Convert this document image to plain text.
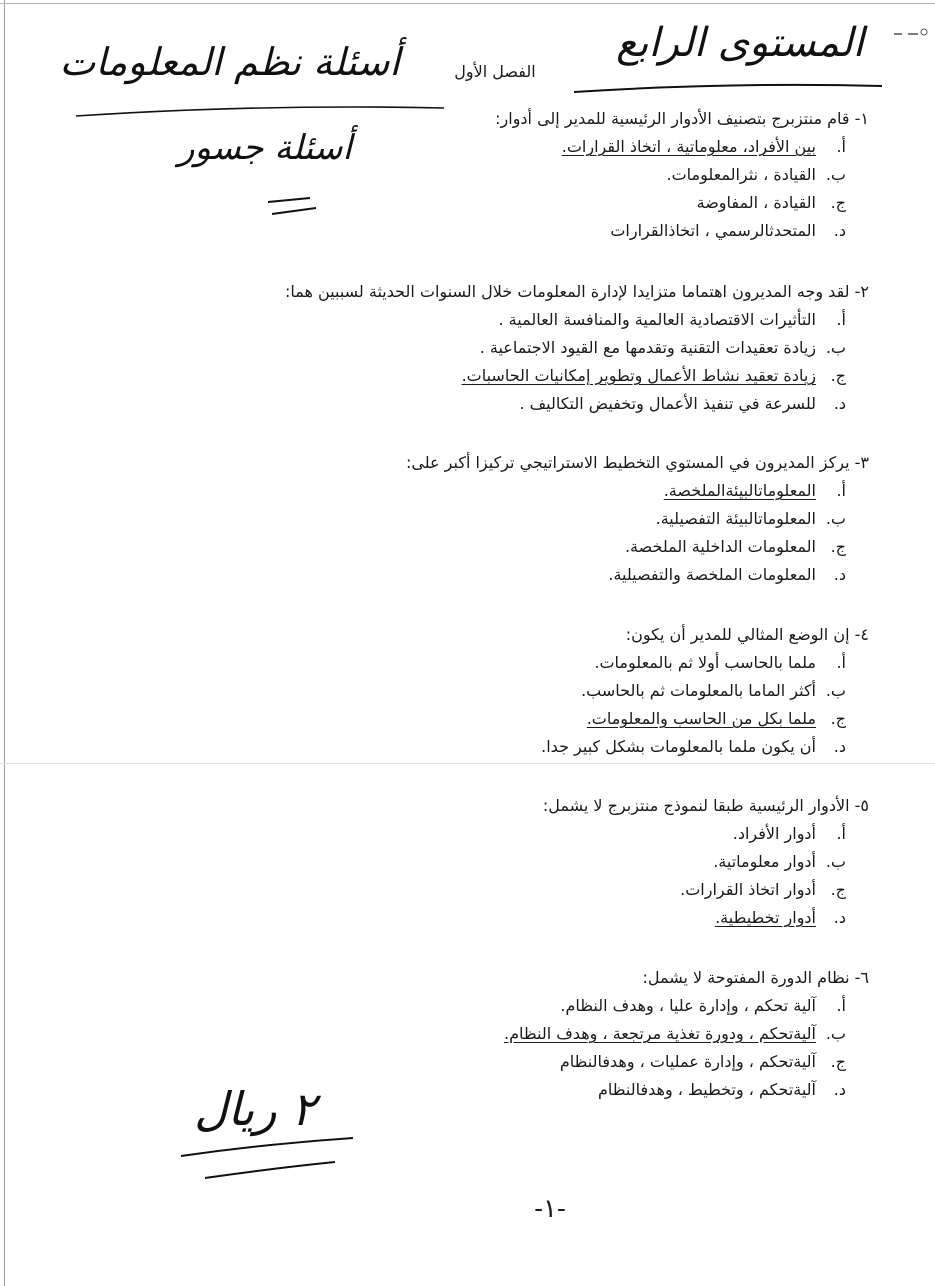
المستوى الرابع
أسئلة نظم المعلومات	الفصل الأول
أسئلة جسور
١- قام منتزبرج بتصنيف الأدوار الرئيسية للمدير إلى أدوار:
أ.بين الأفراد، معلوماتية ، اتخاذ القرارات.
ب.القيادة ، نثرالمعلومات.
ج.القيادة ، المفاوضة
د.المتحدثالرسمي ، اتخاذالقرارات
٢- لقد وجه المديرون اهتماما متزايدا لإدارة المعلومات خلال السنوات الحديثة لسببين هما:
أ.التأثيرات الاقتصادية العالمية والمنافسة العالمية .
ب.زيادة تعقيدات التقنية وتقدمها مع القيود الاجتماعية .
ج.زيادة تعقيد نشاط الأعمال وتطوير إمكانيات الحاسبات.
د.للسرعة في تنفيذ الأعمال وتخفيض التكاليف .
٣- يركز المديرون في المستوي التخطيط الاستراتيجي تركيزا أكبر على:
أ.المعلوماتالبيئةالملخصة.
ب.المعلوماتالبيئة التفصيلية.
ج.المعلومات الداخلية الملخصة.
د.المعلومات الملخصة والتفصيلية.
٤- إن الوضع المثالي للمدير أن يكون:
أ.ملما بالحاسب أولا ثم بالمعلومات.
ب.أكثر الماما بالمعلومات ثم بالحاسب.
ج.ملما بكل من الحاسب والمعلومات.
د.أن يكون ملما بالمعلومات بشكل كبير جدا.
٥- الأدوار الرئيسية طبقا لنموذج منتزبرج لا يشمل:
أ.أدوار الأفراد.
ب.أدوار معلوماتية.
ج.أدوار اتخاذ القرارات.
د.أدوار تخطيطية.
٦- نظام الدورة المفتوحة لا يشمل:
أ.آلية تحكم ، وإدارة عليا ، وهدف النظام.
ب.آليةتحكم ، ودورة تغذية مرتجعة ، وهدف النظام.
ج.آليةتحكم ، وإدارة عمليات ، وهدفالنظام
د.آليةتحكم ، وتخطيط ، وهدفالنظام
٢ ريال
-١-
